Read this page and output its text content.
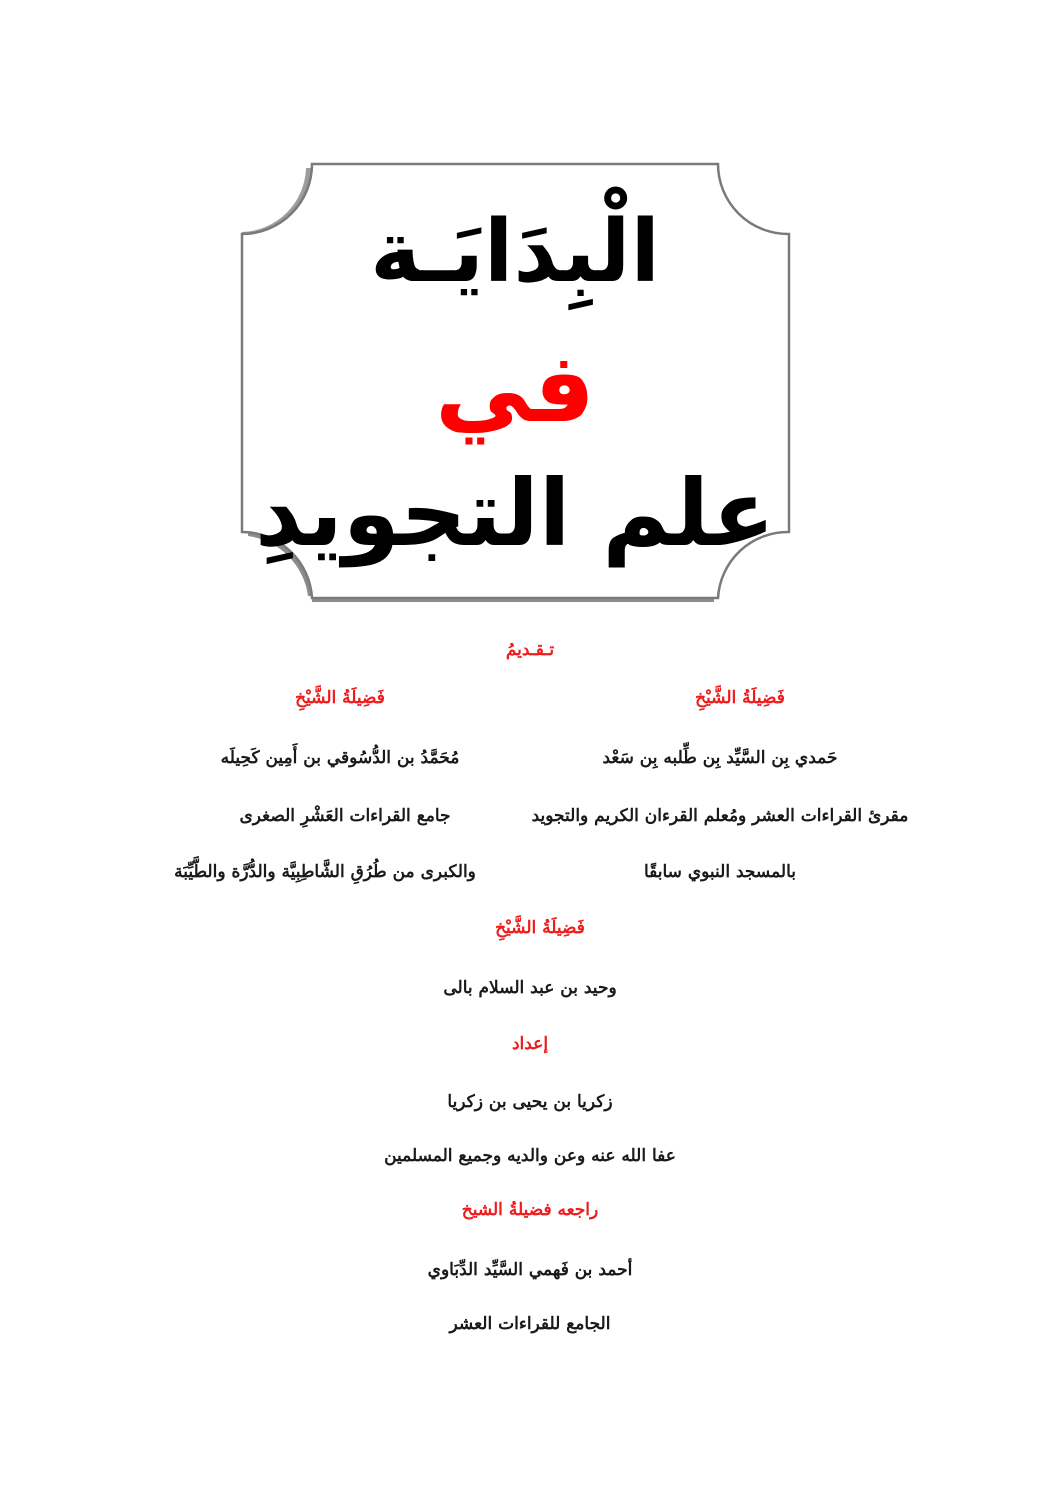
الْبِدَايَـة
في
علم التجويدِ
تـقـديمُ
فَضِيلَةُ الشَّيْخِ
حَمدي بِن السَّيِّد بِن طِّلبه بِن سَعْد
مقرئ القراءات العشر ومُعلم القرءان الكريم والتجويد
بالمسجد النبوي سابقًا
فَضِيلَةُ الشَّيْخِ
مُحَمَّدُ بن الدُّسُوقي بن أَمِين كَحِيلَه
جامع القراءات العَشْرِ الصغرى
والكبرى من طُرُقِ الشَّاطِبِيَّة والدُّرَّة والطَّيِّبَة
فَضِيلَةُ الشَّيْخِ
وحيد بن عبد السلام بالى
إعداد
زكريا بن يحيى بن زكريا
عفا الله عنه وعن والديه وجميع المسلمين
راجعه فضيلةُ الشيخ
أحمد بن فَهمي السَّيِّد الدِّبَاوي
الجامع للقراءات العشر
